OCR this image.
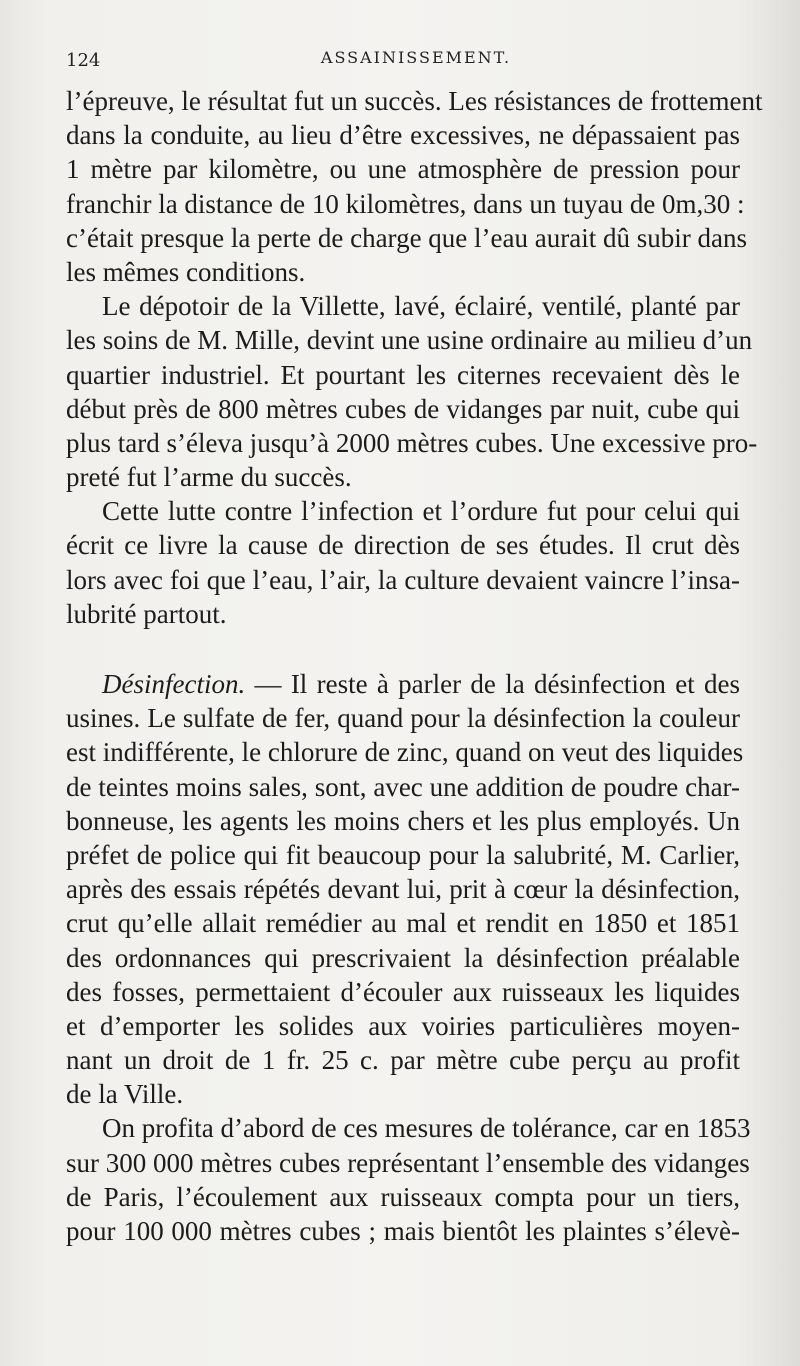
124	ASSAINISSEMENT.
l’épreuve, le résultat fut un succès. Les résistances de frottement
dans la conduite, au lieu d’être excessives, ne dépassaient pas
1 mètre par kilomètre, ou une atmosphère de pression pour
franchir la distance de 10 kilomètres, dans un tuyau de 0m,30 :
c’était presque la perte de charge que l’eau aurait dû subir dans
les mêmes conditions.
Le dépotoir de la Villette, lavé, éclairé, ventilé, planté par
les soins de M. Mille, devint une usine ordinaire au milieu d’un
quartier industriel. Et pourtant les citernes recevaient dès le
début près de 800 mètres cubes de vidanges par nuit, cube qui
plus tard s’éleva jusqu’à 2000 mètres cubes. Une excessive pro-
preté fut l’arme du succès.
Cette lutte contre l’infection et l’ordure fut pour celui qui
écrit ce livre la cause de direction de ses études. Il crut dès
lors avec foi que l’eau, l’air, la culture devaient vaincre l’insa-
lubrité partout.
Désinfection. — Il reste à parler de la désinfection et des
usines. Le sulfate de fer, quand pour la désinfection la couleur
est indifférente, le chlorure de zinc, quand on veut des liquides
de teintes moins sales, sont, avec une addition de poudre char-
bonneuse, les agents les moins chers et les plus employés. Un
préfet de police qui fit beaucoup pour la salubrité, M. Carlier,
après des essais répétés devant lui, prit à cœur la désinfection,
crut qu’elle allait remédier au mal et rendit en 1850 et 1851
des ordonnances qui prescrivaient la désinfection préalable
des fosses, permettaient d’écouler aux ruisseaux les liquides
et d’emporter les solides aux voiries particulières moyen-
nant un droit de 1 fr. 25 c. par mètre cube perçu au profit
de la Ville.
On profita d’abord de ces mesures de tolérance, car en 1853
sur 300 000 mètres cubes représentant l’ensemble des vidanges
de Paris, l’écoulement aux ruisseaux compta pour un tiers,
pour 100 000 mètres cubes ; mais bientôt les plaintes s’élevè-
